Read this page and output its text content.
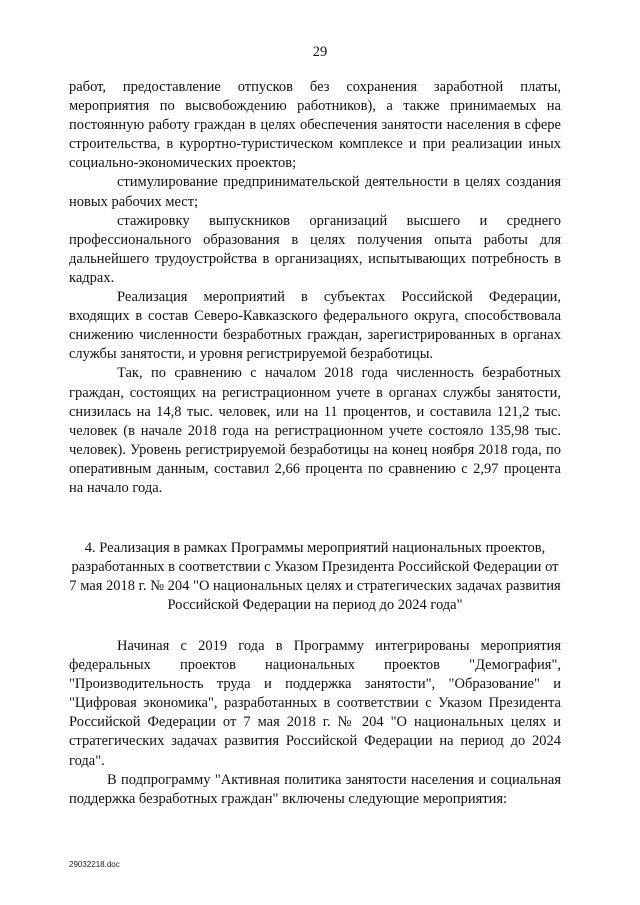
29

работ, предоставление отпусков без сохранения заработной платы, мероприятия по высвобождению работников), а также принимаемых на постоянную работу граждан в целях обеспечения занятости населения в сфере строительства, в курортно-туристическом комплексе и при реализации иных социально-экономических проектов;

стимулирование предпринимательской деятельности в целях создания новых рабочих мест;

стажировку выпускников организаций высшего и среднего профессионального образования в целях получения опыта работы для дальнейшего трудоустройства в организациях, испытывающих потребность в кадрах.

Реализация мероприятий в субъектах Российской Федерации, входящих в состав Северо-Кавказского федерального округа, способствовала снижению численности безработных граждан, зарегистрированных в органах службы занятости, и уровня регистрируемой безработицы.

Так, по сравнению с началом 2018 года численность безработных граждан, состоящих на регистрационном учете в органах службы занятости, снизилась на 14,8 тыс. человек, или на 11 процентов, и составила 121,2 тыс. человек (в начале 2018 года на регистрационном учете состояло 135,98 тыс. человек). Уровень регистрируемой безработицы на конец ноября 2018 года, по оперативным данным, составил 2,66 процента по сравнению с 2,97 процента на начало года.

4. Реализация в рамках Программы мероприятий национальных проектов, разработанных в соответствии с Указом Президента Российской Федерации от 7 мая 2018 г. № 204 "О национальных целях и стратегических задачах развития Российской Федерации на период до 2024 года"

Начиная с 2019 года в Программу интегрированы мероприятия федеральных проектов национальных проектов "Демография", "Производительность труда и поддержка занятости", "Образование" и "Цифровая экономика", разработанных в соответствии с Указом Президента Российской Федерации от 7 мая 2018 г. № 204 "О национальных целях и стратегических задачах развития Российской Федерации на период до 2024 года".

В подпрограмму "Активная политика занятости населения и социальная поддержка безработных граждан" включены следующие мероприятия:

29032218.doc
